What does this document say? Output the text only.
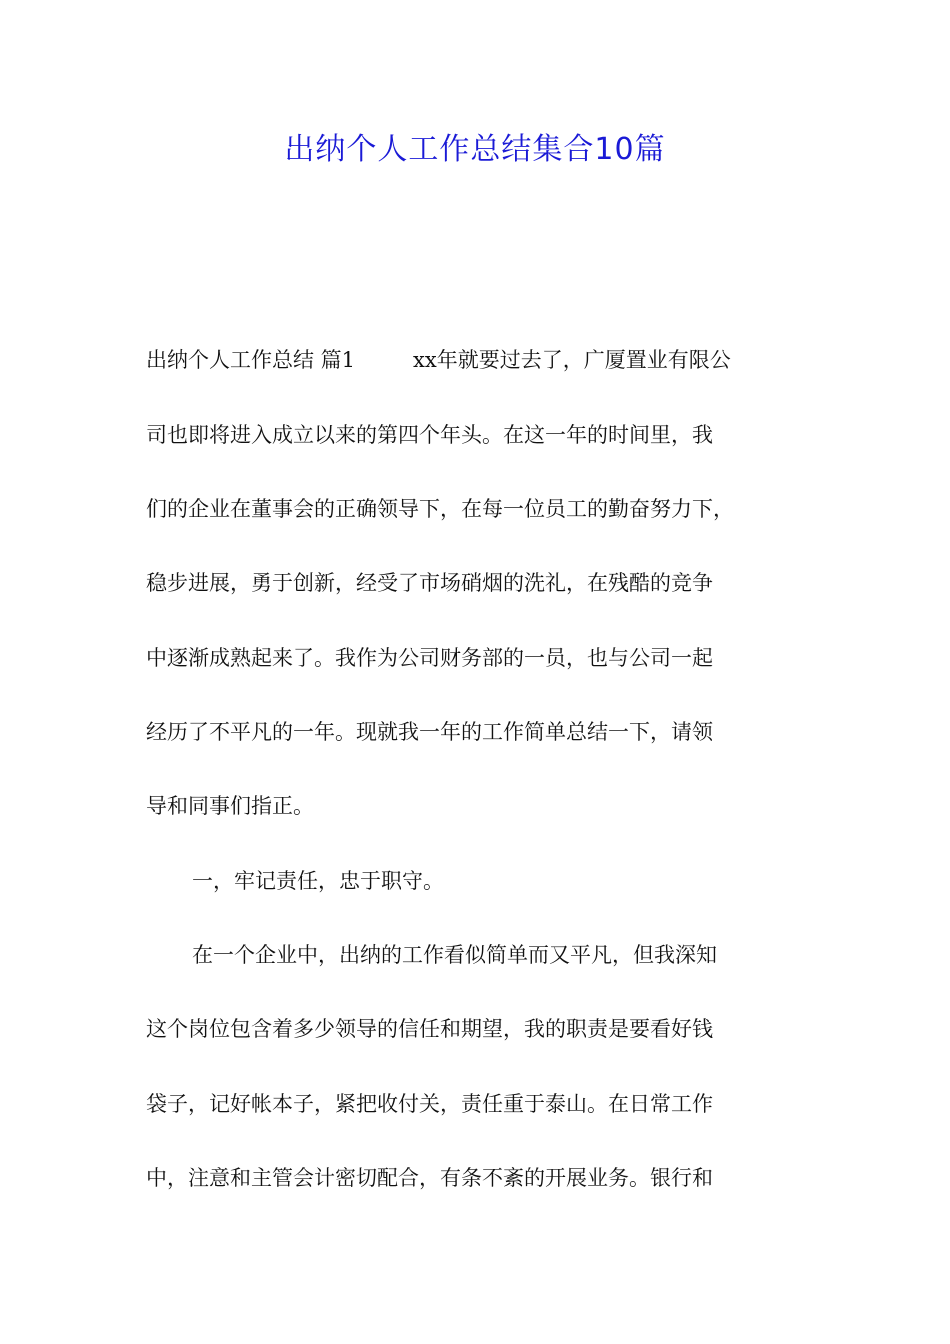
出纳个人工作总结集合10篇
出纳个人工作总结 篇1	xx年就要过去了，广厦置业有限公
司也即将进入成立以来的第四个年头。在这一年的时间里，我
们的企业在董事会的正确领导下，在每一位员工的勤奋努力下，
稳步进展，勇于创新，经受了市场硝烟的洗礼，在残酷的竞争
中逐渐成熟起来了。我作为公司财务部的一员，也与公司一起
经历了不平凡的一年。现就我一年的工作简单总结一下，请领
导和同事们指正。
一，牢记责任，忠于职守。
在一个企业中，出纳的工作看似简单而又平凡，但我深知
这个岗位包含着多少领导的信任和期望，我的职责是要看好钱
袋子，记好帐本子，紧把收付关，责任重于泰山。在日常工作
中，注意和主管会计密切配合，有条不紊的开展业务。银行和
